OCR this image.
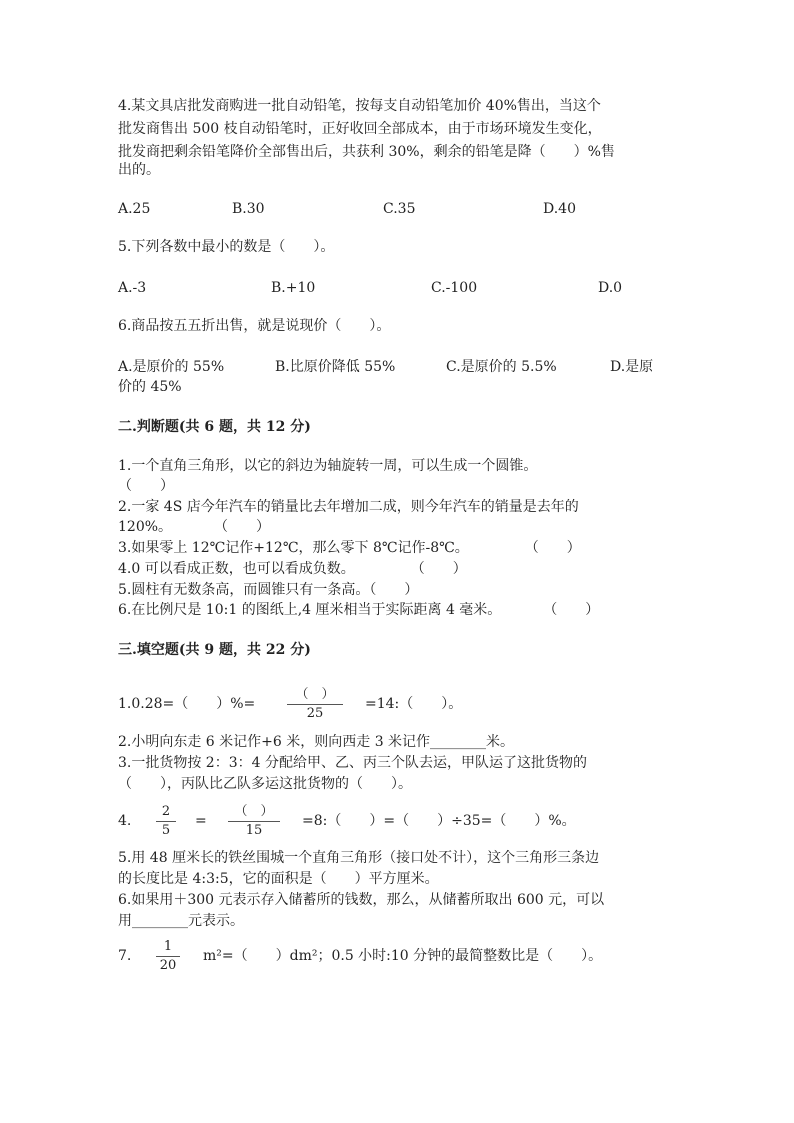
4.某文具店批发商购进一批自动铅笔，按每支自动铅笔加价 40%售出，当这个
批发商售出 500 枝自动铅笔时，正好收回全部成本，由于市场环境发生变化，
批发商把剩余铅笔降价全部售出后，共获利 30%，剩余的铅笔是降（　　）%售
出的。
A.25	B.30	C.35	D.40
5.下列各数中最小的数是（　　）。
A.-3	B.+10	C.-100	D.0
6.商品按五五折出售，就是说现价（　　）。
A.是原价的 55%	B.比原价降低 55%	C.是原价的 5.5%	D.是原
价的 45%
二.判断题(共 6 题，共 12 分)
1.一个直角三角形，以它的斜边为轴旋转一周，可以生成一个圆锥。
（　　）
2.一家 4S 店今年汽车的销量比去年增加二成，则今年汽车的销量是去年的
120%。　　　　（　　）
3.如果零上 12℃记作+12℃，那么零下 8℃记作-8℃。　　　　　（　　）
4.0 可以看成正数，也可以看成负数。　　　　　（　　）
5.圆柱有无数条高，而圆锥只有一条高。（　　）
6.在比例尺是 10:1 的图纸上,4 厘米相当于实际距离 4 毫米。　　　　（　　）
三.填空题(共 9 题，共 22 分)
1.0.28=（　　）%=
（　）
25
=14:（　　）。
2.小明向东走 6 米记作+6 米，则向西走 3 米记作________米。
3.一批货物按 2：3：4 分配给甲、乙、丙三个队去运，甲队运了这批货物的
（　　），丙队比乙队多运这批货物的（　　）。
4.
2
5
=
（　）
15
=8:（　　）=（　　）÷35=（　　）%。
5.用 48 厘米长的铁丝围城一个直角三角形（接口处不计），这个三角形三条边
的长度比是 4:3:5，它的面积是（　　）平方厘米。
6.如果用＋300 元表示存入储蓄所的钱数，那么，从储蓄所取出 600 元，可以
用________元表示。
7.
1
20
m²=（　　）dm²；0.5 小时:10 分钟的最简整数比是（　　）。
